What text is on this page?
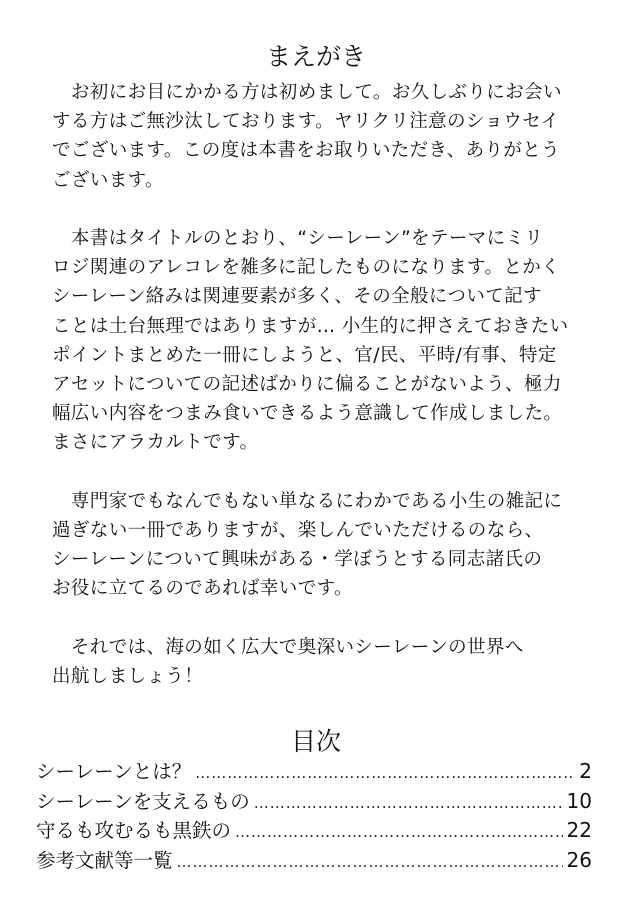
まえがき
　お初にお目にかかる方は初めまして。お久しぶりにお会い
する方はご無沙汰しております。ヤリクリ注意のショウセイ
でございます。この度は本書をお取りいただき、ありがとう
ございます。
　本書はタイトルのとおり、“シーレーン”をテーマにミリ
ロジ関連のアレコレを雑多に記したものになります。とかく
シーレーン絡みは関連要素が多く、その全般について記す
ことは土台無理ではありますが… 小生的に押さえておきたい
ポイントまとめた一冊にしようと、官/民、平時/有事、特定
アセットについての記述ばかりに偏ることがないよう、極力
幅広い内容をつまみ食いできるよう意識して作成しました。
まさにアラカルトです。
　専門家でもなんでもない単なるにわかである小生の雑記に
過ぎない一冊でありますが、楽しんでいただけるのなら、
シーレーンについて興味がある・学ぼうとする同志諸氏の
お役に立てるのであれば幸いです。
　それでは、海の如く広大で奥深いシーレーンの世界へ
出航しましょう！
目次
シーレーンとは？ …………………………………………………………………………………………	2
シーレーンを支えるもの …………………………………………………………………………………………	10
守るも攻むるも黒鉄の …………………………………………………………………………………………	22
参考文献等一覧 …………………………………………………………………………………………	26
